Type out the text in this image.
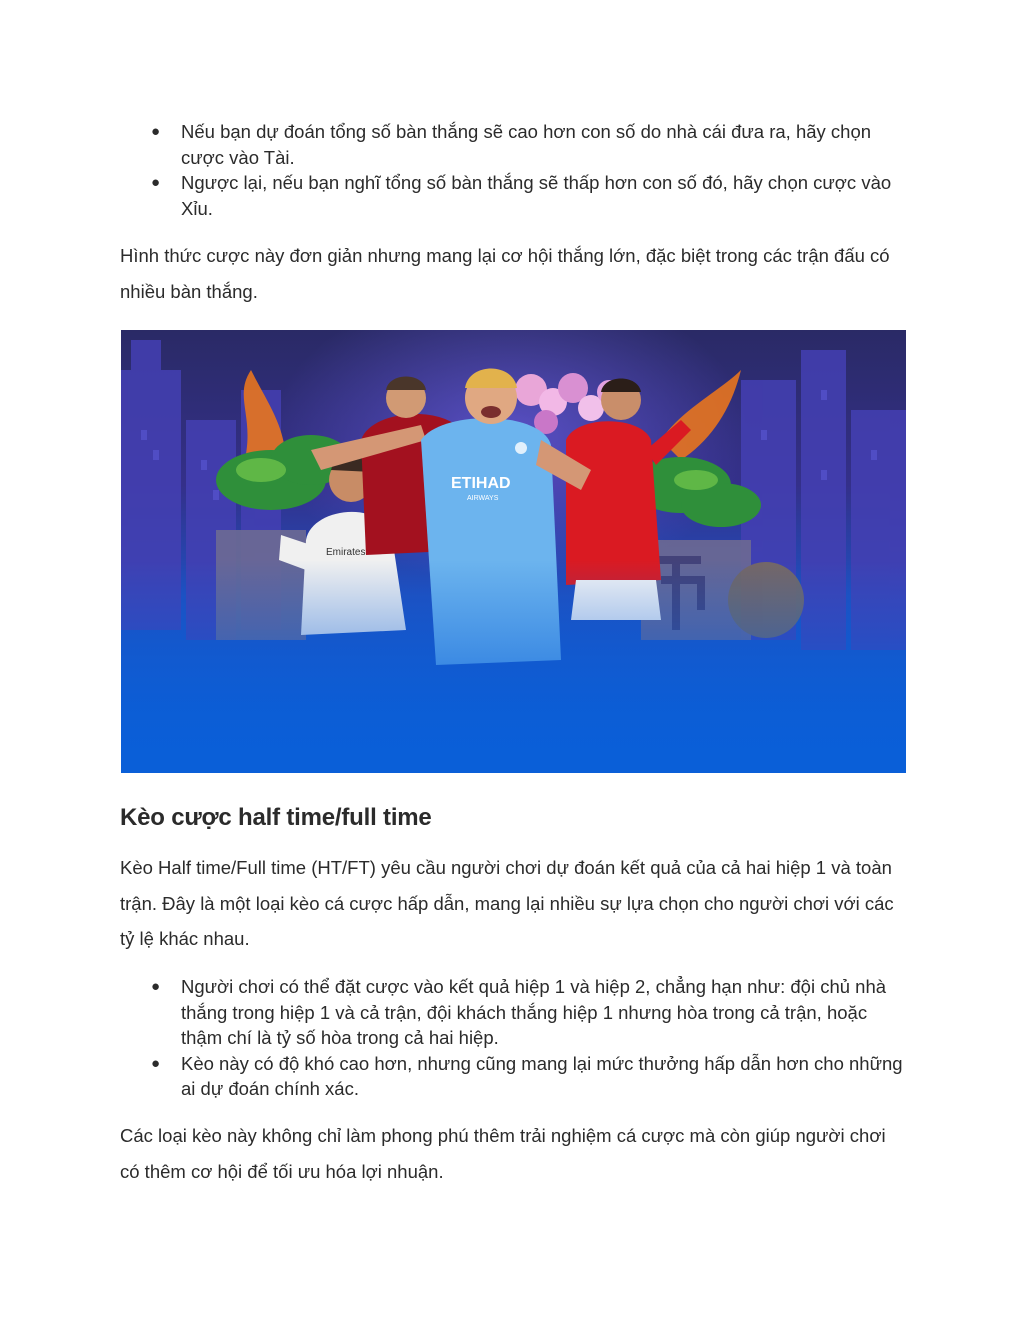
● Nếu bạn dự đoán tổng số bàn thắng sẽ cao hơn con số do nhà cái đưa ra, hãy chọn cược vào Tài.
● Ngược lại, nếu bạn nghĩ tổng số bàn thắng sẽ thấp hơn con số đó, hãy chọn cược vào Xỉu.

Hình thức cược này đơn giản nhưng mang lại cơ hội thắng lớn, đặc biệt trong các trận đấu có nhiều bàn thắng.

Emirates
ETIHAD
AIRWAYS
Kèo cược half time/full time

Kèo Half time/Full time (HT/FT) yêu cầu người chơi dự đoán kết quả của cả hai hiệp 1 và toàn trận. Đây là một loại kèo cá cược hấp dẫn, mang lại nhiều sự lựa chọn cho người chơi với các tỷ lệ khác nhau.

● Người chơi có thể đặt cược vào kết quả hiệp 1 và hiệp 2, chẳng hạn như: đội chủ nhà thắng trong hiệp 1 và cả trận, đội khách thắng hiệp 1 nhưng hòa trong cả trận, hoặc thậm chí là tỷ số hòa trong cả hai hiệp.
● Kèo này có độ khó cao hơn, nhưng cũng mang lại mức thưởng hấp dẫn hơn cho những ai dự đoán chính xác.

Các loại kèo này không chỉ làm phong phú thêm trải nghiệm cá cược mà còn giúp người chơi có thêm cơ hội để tối ưu hóa lợi nhuận.
